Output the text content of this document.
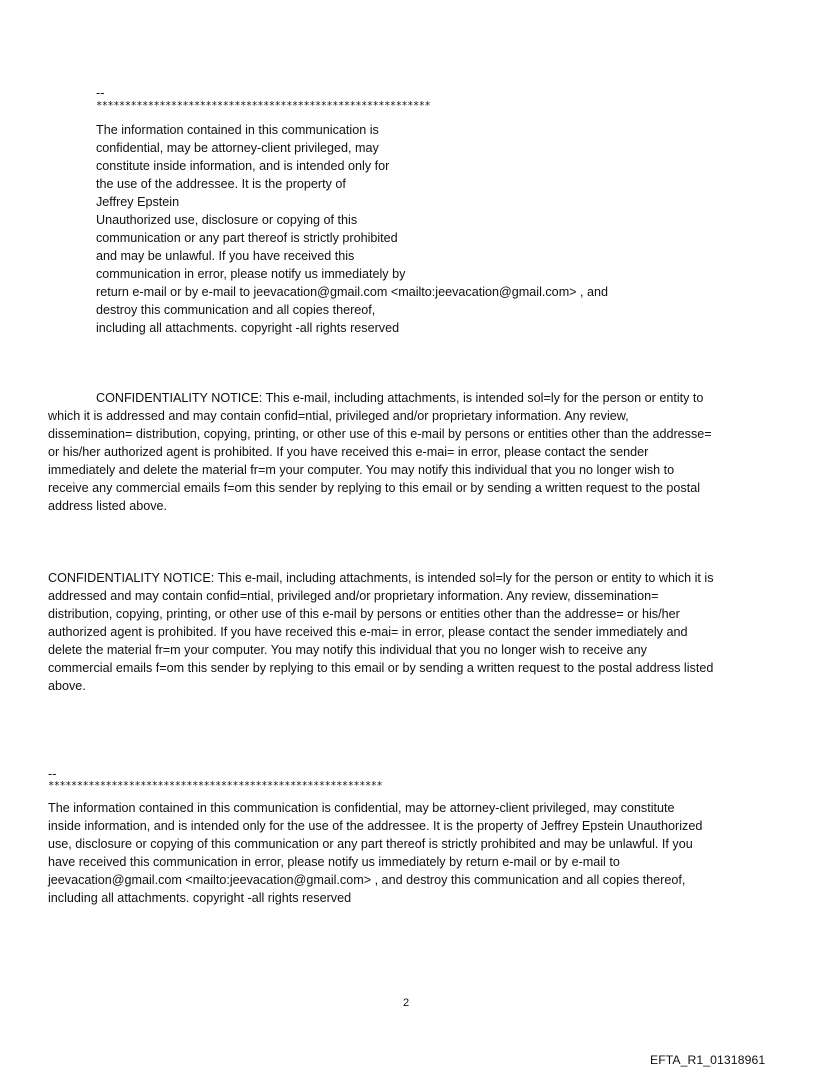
--
**********************************************************
The information contained in this communication is
confidential, may be attorney-client privileged, may
constitute inside information, and is intended only for
the use of the addressee. It is the property of
Jeffrey Epstein
Unauthorized use, disclosure or copying of this
communication or any part thereof is strictly prohibited
and may be unlawful. If you have received this
communication in error, please notify us immediately by
return e-mail or by e-mail to jeevacation@gmail.com <mailto:jeevacation@gmail.com> , and
destroy this communication and all copies thereof,
including all attachments. copyright -all rights reserved
CONFIDENTIALITY NOTICE: This e-mail, including attachments, is intended sol=ly for the person or entity to
which it is addressed and may contain confid=ntial, privileged and/or proprietary information. Any review,
dissemination= distribution, copying, printing, or other use of this e-mail by persons or entities other than the addresse=
or his/her authorized agent is prohibited. If you have received this e-mai= in error, please contact the sender
immediately and delete the material fr=m your computer. You may notify this individual that you no longer wish to
receive any commercial emails f=om this sender by replying to this email or by sending a written request to the postal
address listed above.
CONFIDENTIALITY NOTICE: This e-mail, including attachments, is intended sol=ly for the person or entity to which it is
addressed and may contain confid=ntial, privileged and/or proprietary information. Any review, dissemination=
distribution, copying, printing, or other use of this e-mail by persons or entities other than the addresse= or his/her
authorized agent is prohibited. If you have received this e-mai= in error, please contact the sender immediately and
delete the material fr=m your computer. You may notify this individual that you no longer wish to receive any
commercial emails f=om this sender by replying to this email or by sending a written request to the postal address listed
above.
--
**********************************************************
The information contained in this communication is confidential, may be attorney-client privileged, may constitute
inside information, and is intended only for the use of the addressee. It is the property of Jeffrey Epstein Unauthorized
use, disclosure or copying of this communication or any part thereof is strictly prohibited and may be unlawful. If you
have received this communication in error, please notify us immediately by return e-mail or by e-mail to
jeevacation@gmail.com <mailto:jeevacation@gmail.com> , and destroy this communication and all copies thereof,
including all attachments. copyright -all rights reserved
2
EFTA_R1_01318961
